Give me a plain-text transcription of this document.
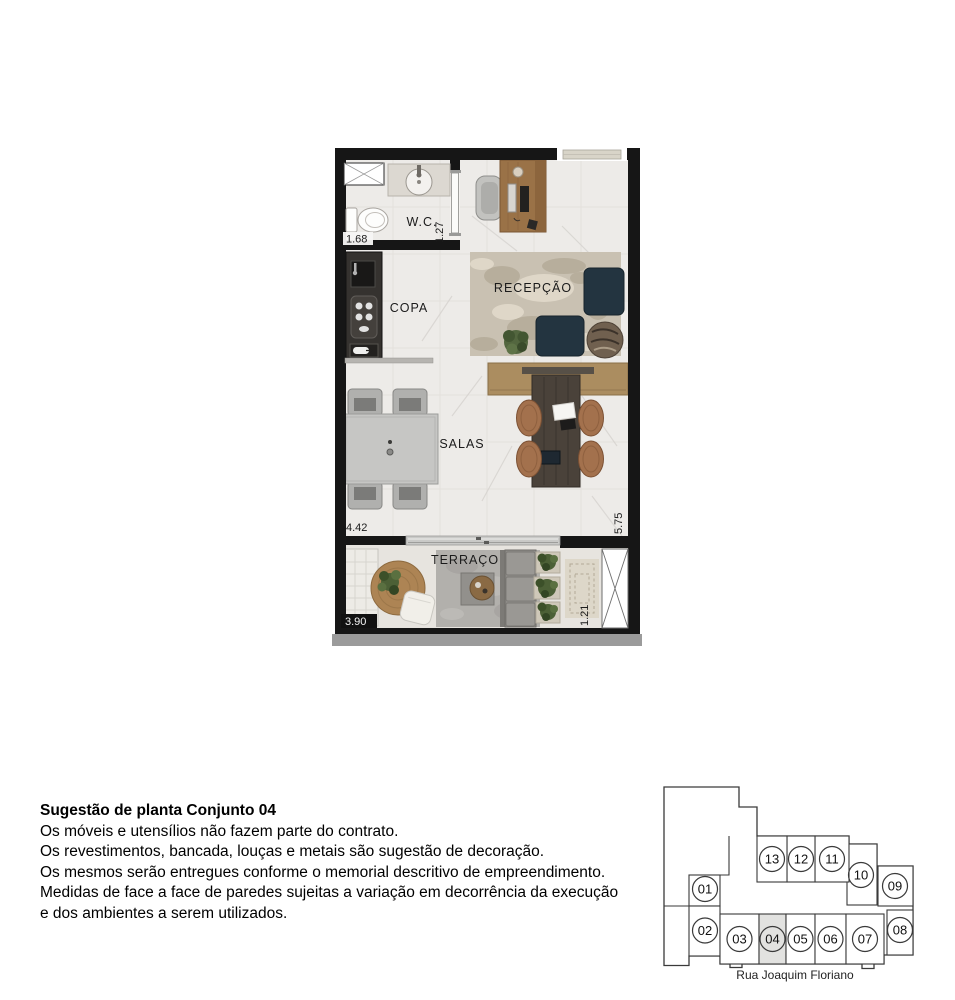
W.C.
COPA
RECEPÇÃO
SALAS
TERRAÇO
1.68	1.27
4.42	5.75
3.90	1.21
Sugestão de planta Conjunto 04
Os móveis e utensílios não fazem parte do contrato.
Os revestimentos, bancada, louças e metais são sugestão de decoração.
Os mesmos serão entregues conforme o memorial descritivo de empreendimento.
Medidas de face a face de paredes sujeitas a variação em decorrência da execução
e dos ambientes a serem utilizados.
01
02
03 04 05 06 07
08
09
10
11
12
13
Rua Joaquim Floriano
